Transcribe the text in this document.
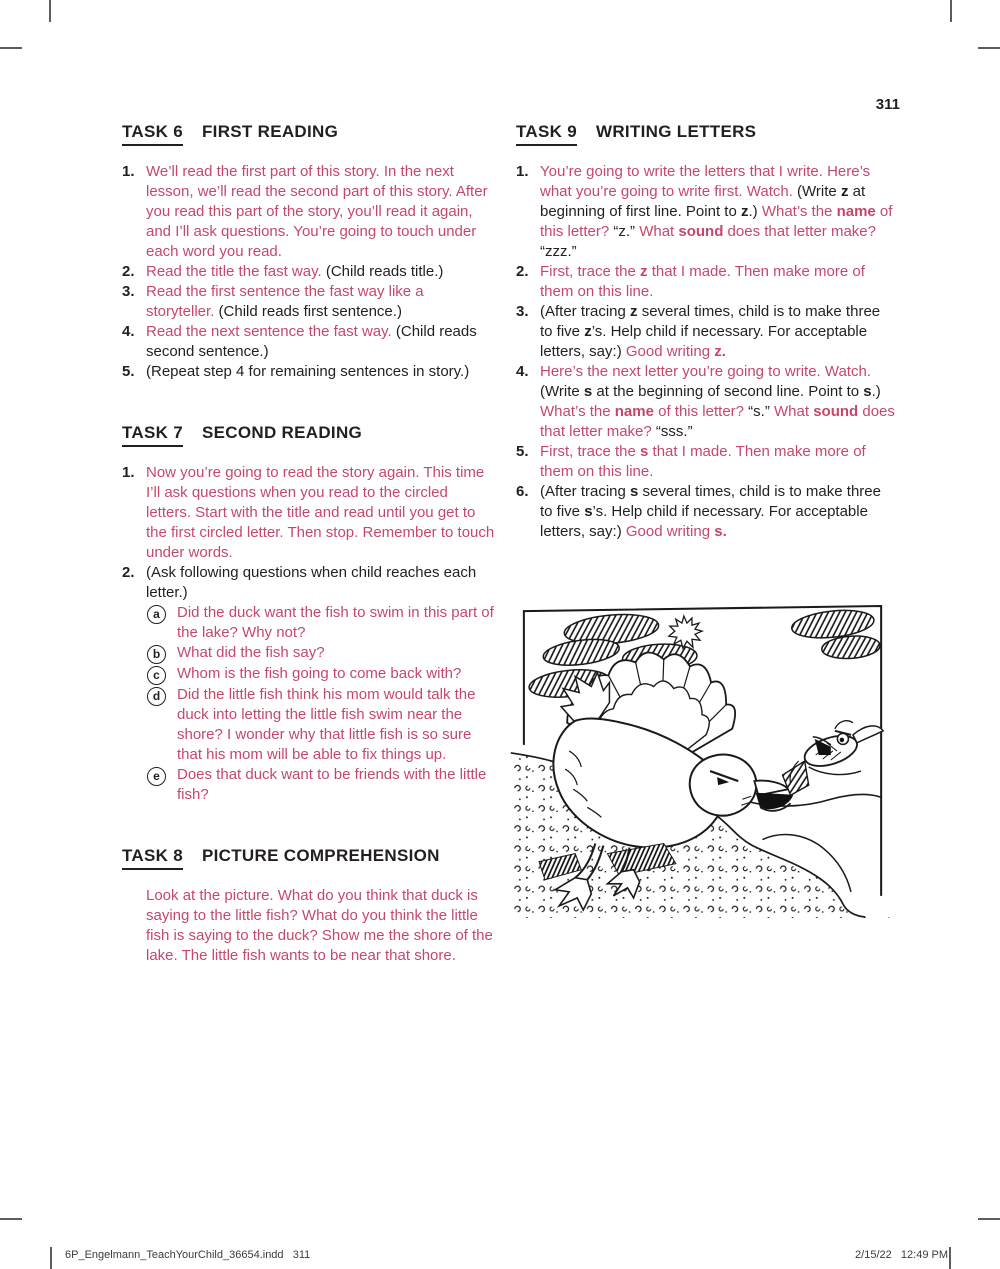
311
TASK 6 FIRST READING
1. We’ll read the first part of this story. In the next lesson, we’ll read the second part of this story. After you read this part of the story, you’ll read it again, and I’ll ask questions. You’re going to touch under each word you read.
2. Read the title the fast way. (Child reads title.)
3. Read the first sentence the fast way like a storyteller. (Child reads first sentence.)
4. Read the next sentence the fast way. (Child reads second sentence.)
5. (Repeat step 4 for remaining sentences in story.)
TASK 7 SECOND READING
1. Now you’re going to read the story again. This time I’ll ask questions when you read to the circled letters. Start with the title and read until you get to the first circled letter. Then stop. Remember to touch under words.
2. (Ask following questions when child reaches each letter.)
a	Did the duck want the fish to swim in this part of the lake? Why not?
b	What did the fish say?
c	Whom is the fish going to come back with?
d	Did the little fish think his mom would talk the duck into letting the little fish swim near the shore? I wonder why that little fish is so sure that his mom will be able to fix things up.
e	Does that duck want to be friends with the little fish?
TASK 8 PICTURE COMPREHENSION
Look at the picture. What do you think that duck is saying to the little fish? What do you think the little fish is saying to the duck? Show me the shore of the lake. The little fish wants to be near that shore.
TASK 9 WRITING LETTERS
1. You’re going to write the letters that I write. Here’s what you’re going to write first. Watch. (Write z at beginning of first line. Point to z.) What’s the name of this letter? “z.” What sound does that letter make? “zzz.”
2. First, trace the z that I made. Then make more of them on this line.
3. (After tracing z several times, child is to make three to five z’s. Help child if necessary. For acceptable letters, say:) Good writing z.
4. Here’s the next letter you’re going to write. Watch. (Write s at the beginning of second line. Point to s.) What’s the name of this letter? “s.” What sound does that letter make? “sss.”
5. First, trace the s that I made. Then make more of them on this line.
6. (After tracing s several times, child is to make three to five s’s. Help child if necessary. For acceptable letters, say:) Good writing s.
6P_Engelmann_TeachYourChild_36654.indd   311	2/15/22   12:49 PM
